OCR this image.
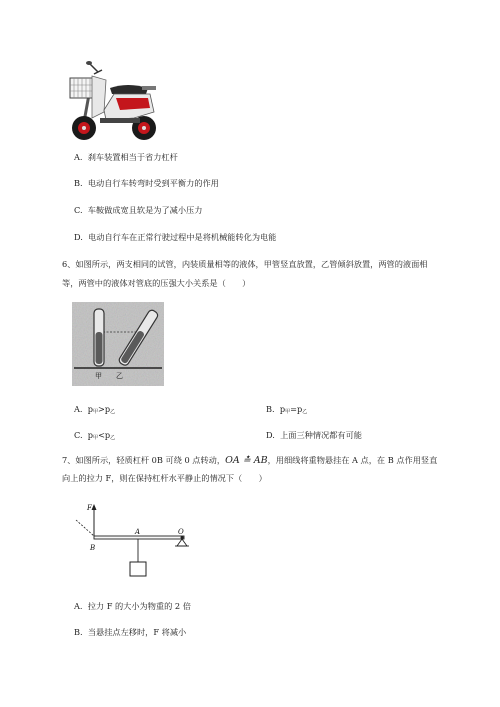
A. 刹车装置相当于省力杠杆
B. 电动自行车转弯时受到平衡力的作用
C. 车鞍做成宽且软是为了减小压力
D. 电动自行车在正常行驶过程中是将机械能转化为电能
6、如图所示，两支相同的试管，内装质量相等的液体，甲管竖直放置，乙管倾斜放置，两管的液面相等，两管中的液体对管底的压强大小关系是（　　）
甲 乙
A. $p_甲>p_乙$	B. $p_甲=p_乙$
C. $p_甲<p_乙$	D. 上面三种情况都有可能
7、如图所示，轻质杠杆 0B 可绕 0 点转动，OA ≛ AB，用细线将重物悬挂在 A 点，在 B 点作用竖直
向上的拉力 F，则在保持杠杆水平静止的情况下（　　）
F
O
B
A
A. 拉力 F 的大小为物重的 2 倍
B. 当悬挂点左移时，F 将减小
